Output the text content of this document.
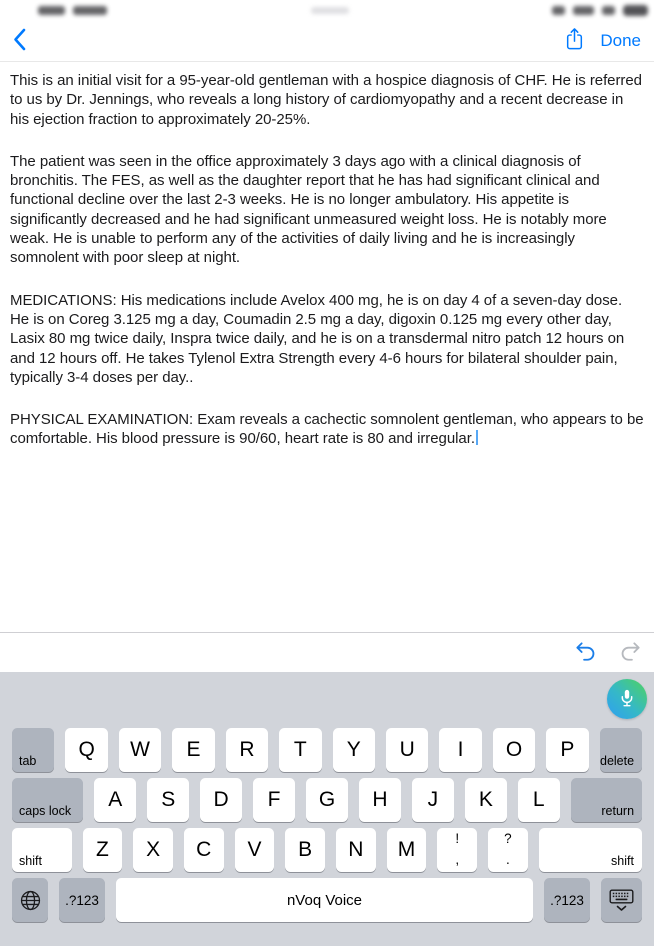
Done

This is an initial visit for a 95-year-old gentleman with a hospice diagnosis of CHF. He is referred to us by Dr. Jennings, who reveals a long history of cardiomyopathy and a recent decrease in his ejection fraction to approximately 20-25%.

The patient was seen in the office approximately 3 days ago with a clinical diagnosis of bronchitis. The FES, as well as the daughter report that he has had significant clinical and functional decline over the last 2-3 weeks. He is no longer ambulatory. His appetite is significantly decreased and he had significant unmeasured weight loss. He is notably more weak. He is unable to perform any of the activities of daily living and he is increasingly somnolent with poor sleep at night.

MEDICATIONS: His medications include Avelox 400 mg, he is on day 4 of a seven-day dose. He is on Coreg 3.125 mg a day, Coumadin 2.5 mg a day, digoxin 0.125 mg every other day, Lasix 80 mg twice daily, Inspra twice daily, and he is on a transdermal nitro patch 12 hours on and 12 hours off. He takes Tylenol Extra Strength every 4-6 hours for bilateral shoulder pain, typically 3-4 doses per day..

PHYSICAL EXAMINATION: Exam reveals a cachectic somnolent gentleman, who appears to be comfortable. His blood pressure is 90/60, heart rate is 80 and irregular.

tab	Q	W	E	R	T	Y	U	I	O	P	delete
caps lock	A	S	D	F	G	H	J	K	L	return
shift	Z	X	C	V	B	N	M	!
,
?
.	shift
.?123	nVoq Voice	.?123
